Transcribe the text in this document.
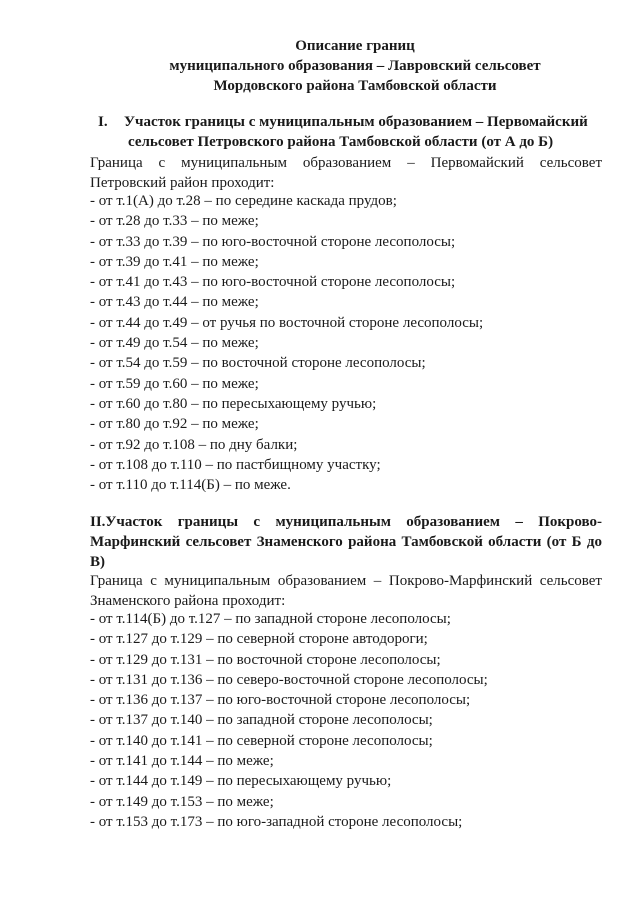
Описание границ
муниципального образования – Лавровский сельсовет
Мордовского района Тамбовской области
I. Участок границы с муниципальным образованием – Первомайский
сельсовет Петровского района Тамбовской области (от А до Б)
Граница с муниципальным образованием – Первомайский сельсовет
Петровский район проходит:
- от т.1(А) до т.28 – по середине каскада прудов;
- от т.28 до т.33 – по меже;
- от т.33 до т.39 – по юго-восточной стороне лесополосы;
- от т.39 до т.41 – по меже;
- от т.41 до т.43 – по юго-восточной стороне лесополосы;
- от т.43 до т.44 – по меже;
- от т.44 до т.49 – от ручья по восточной стороне лесополосы;
- от т.49 до т.54 – по меже;
- от т.54 до т.59 – по восточной стороне лесополосы;
- от т.59 до т.60 – по меже;
- от т.60 до т.80 – по пересыхающему ручью;
- от т.80 до т.92 – по меже;
- от т.92 до т.108 – по дну балки;
- от т.108 до т.110 – по пастбищному участку;
- от т.110 до т.114(Б) – по меже.
II.Участок границы с муниципальным образованием – Покрово-
Марфинский сельсовет Знаменского района Тамбовской области (от Б до
В)
Граница с муниципальным образованием – Покрово-Марфинский сельсовет
Знаменского района проходит:
- от т.114(Б) до т.127 – по западной стороне лесополосы;
- от т.127 до т.129 – по северной стороне автодороги;
- от т.129 до т.131 – по восточной стороне лесополосы;
- от т.131 до т.136 – по северо-восточной стороне лесополосы;
- от т.136 до т.137 – по юго-восточной стороне лесополосы;
- от т.137 до т.140 – по западной стороне лесополосы;
- от т.140 до т.141 – по северной стороне лесополосы;
- от т.141 до т.144 – по меже;
- от т.144 до т.149 – по пересыхающему ручью;
- от т.149 до т.153 – по меже;
- от т.153 до т.173 – по юго-западной стороне лесополосы;
